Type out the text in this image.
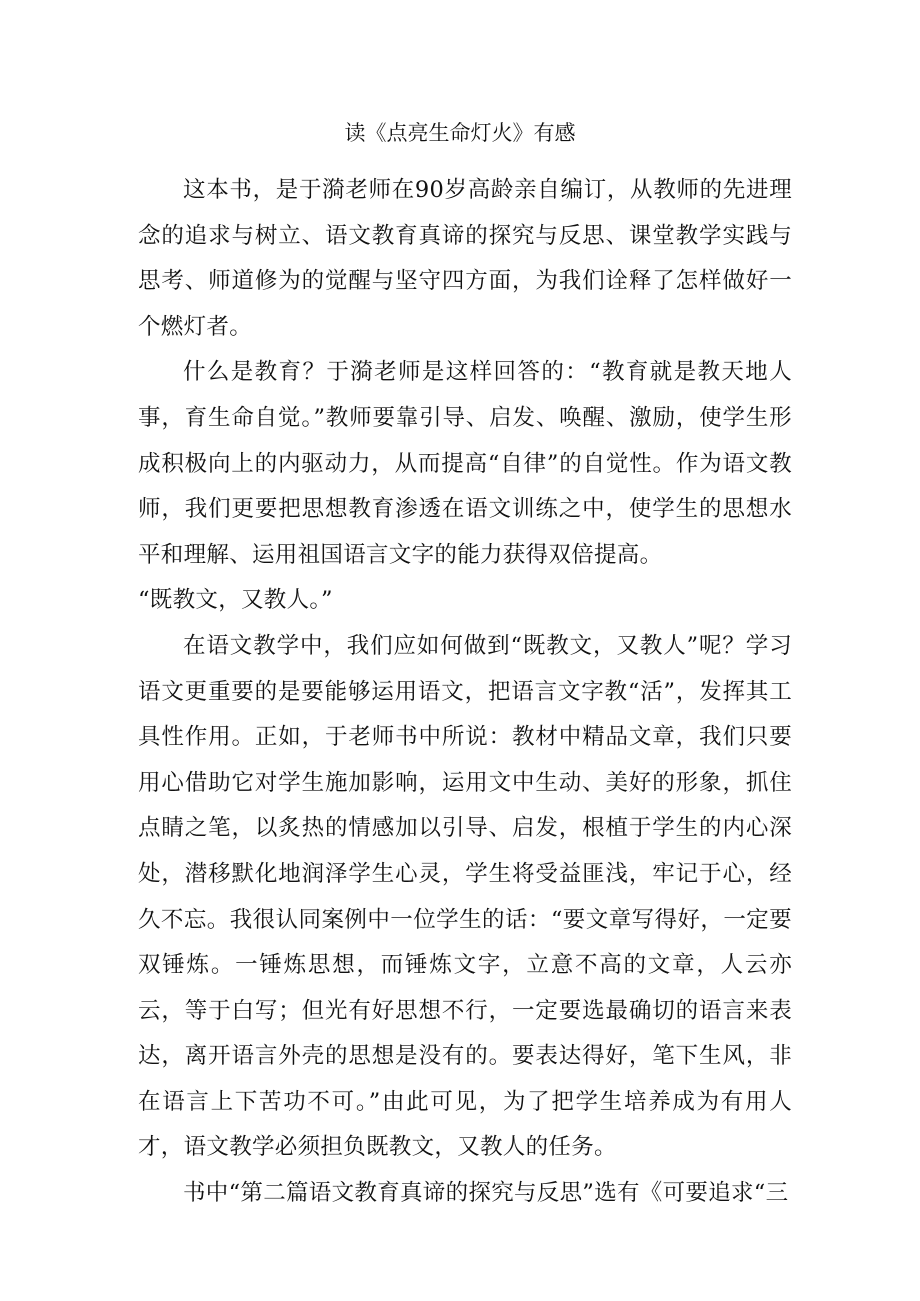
读《点亮生命灯火》有感

这本书，是于漪老师在90岁高龄亲自编订，从教师的先进理念的追求与树立、语文教育真谛的探究与反思、课堂教学实践与思考、师道修为的觉醒与坚守四方面，为我们诠释了怎样做好一个燃灯者。

什么是教育？于漪老师是这样回答的：“教育就是教天地人事，育生命自觉。”教师要靠引导、启发、唤醒、激励，使学生形成积极向上的内驱动力，从而提高“自律”的自觉性。作为语文教师，我们更要把思想教育渗透在语文训练之中，使学生的思想水平和理解、运用祖国语言文字的能力获得双倍提高。

“既教文，又教人。”

在语文教学中，我们应如何做到“既教文，又教人”呢？学习语文更重要的是要能够运用语文，把语言文字教“活”，发挥其工具性作用。正如，于老师书中所说：教材中精品文章，我们只要用心借助它对学生施加影响，运用文中生动、美好的形象，抓住点睛之笔，以炙热的情感加以引导、启发，根植于学生的内心深处，潜移默化地润泽学生心灵，学生将受益匪浅，牢记于心，经久不忘。我很认同案例中一位学生的话：“要文章写得好，一定要双锤炼。一锤炼思想，而锤炼文字，立意不高的文章，人云亦云，等于白写；但光有好思想不行，一定要选最确切的语言来表达，离开语言外壳的思想是没有的。要表达得好，笔下生风，非在语言上下苦功不可。”由此可见，为了把学生培养成为有用人才，语文教学必须担负既教文，又教人的任务。

书中“第二篇语文教育真谛的探究与反思”选有《可要追求“三
